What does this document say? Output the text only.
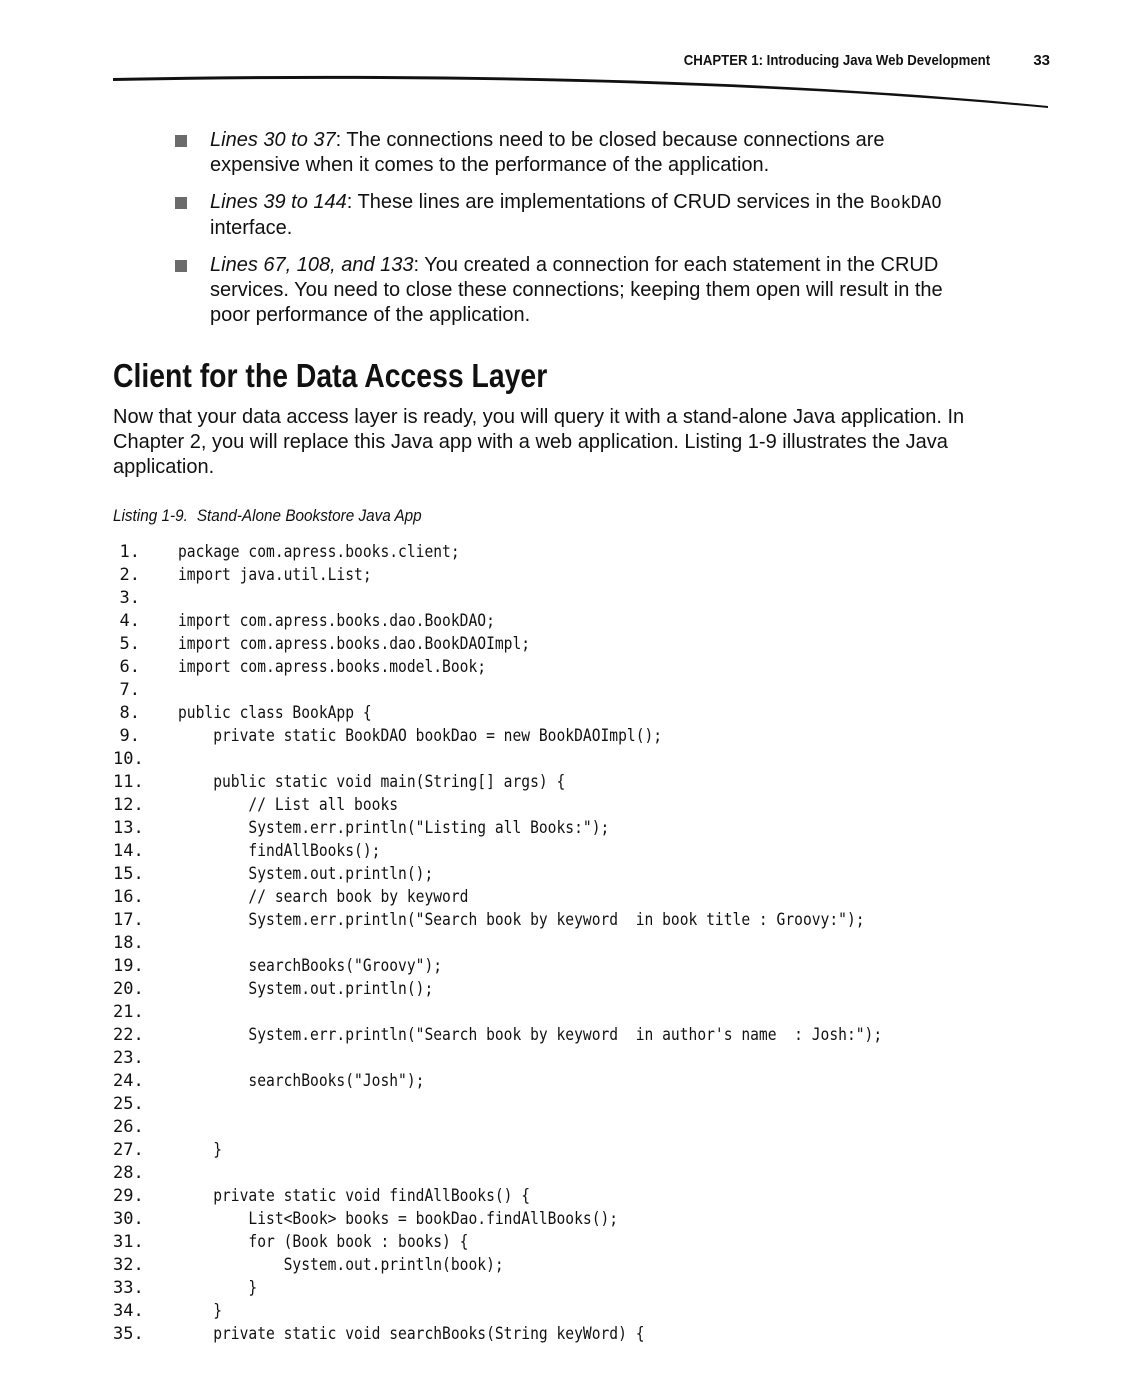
CHAPTER 1: Introducing Java Web Development	33
Lines 30 to 37: The connections need to be closed because connections are expensive when it comes to the performance of the application.
Lines 39 to 144: These lines are implementations of CRUD services in the BookDAO interface.
Lines 67, 108, and 133: You created a connection for each statement in the CRUD services. You need to close these connections; keeping them open will result in the poor performance of the application.
Client for the Data Access Layer

Now that your data access layer is ready, you will query it with a stand-alone Java application. In Chapter 2, you will replace this Java app with a web application. Listing 1-9 illustrates the Java application.

Listing 1-9. Stand-Alone Bookstore Java App

1. package com.apress.books.client;
2. import java.util.List;
3.
4. import com.apress.books.dao.BookDAO;
5. import com.apress.books.dao.BookDAOImpl;
6. import com.apress.books.model.Book;
7.
8. public class BookApp {
9. private static BookDAO bookDao = new BookDAOImpl();
10.
11. public static void main(String[] args) {
12. // List all books
13. System.err.println("Listing all Books:");
14. findAllBooks();
15. System.out.println();
16. // search book by keyword
17. System.err.println("Search book by keyword  in book title : Groovy:");
18.
19. searchBooks("Groovy");
20. System.out.println();
21.
22. System.err.println("Search book by keyword  in author's name  : Josh:");
23.
24. searchBooks("Josh");
25.
26.
27. }
28.
29. private static void findAllBooks() {
30. List<Book> books = bookDao.findAllBooks();
31. for (Book book : books) {
32. System.out.println(book);
33. }
34. }
35. private static void searchBooks(String keyWord) {
